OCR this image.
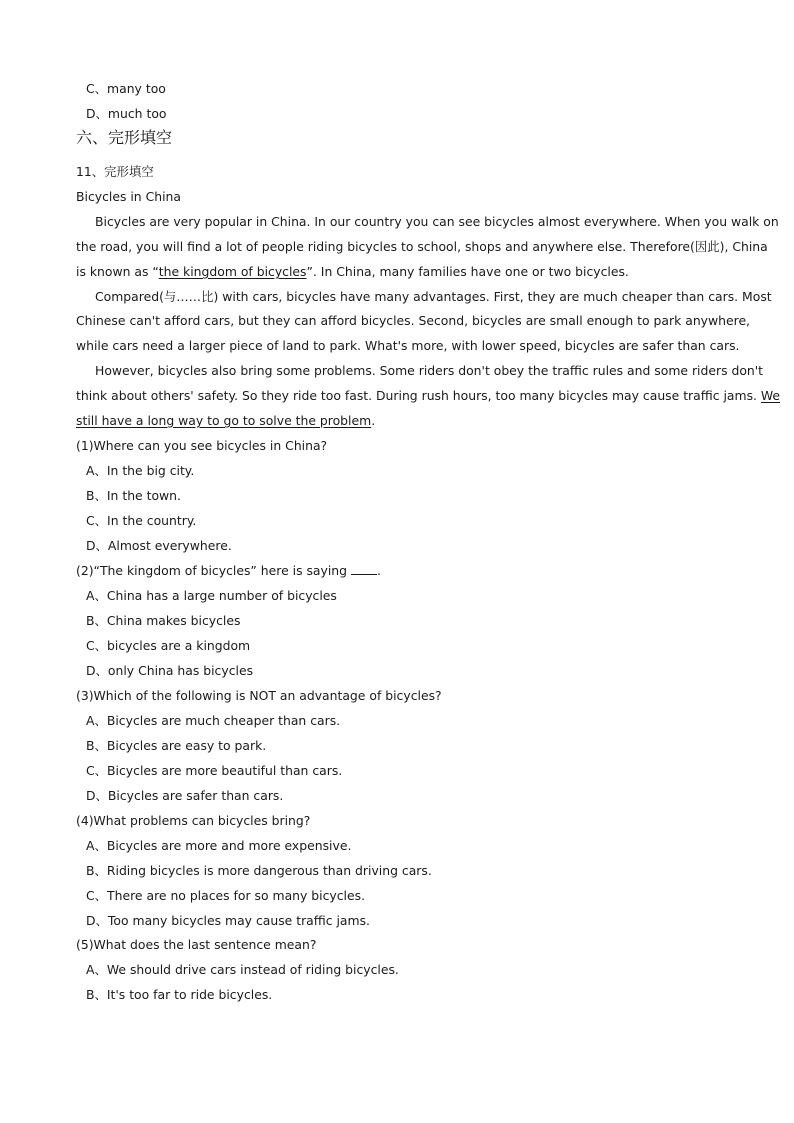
C、many too
D、much too
六、完形填空
11、完形填空
Bicycles in China
Bicycles are very popular in China. In our country you can see bicycles almost everywhere. When you walk on
the road, you will find a lot of people riding bicycles to school, shops and anywhere else. Therefore(因此), China
is known as “the kingdom of bicycles”. In China, many families have one or two bicycles.
Compared(与……比) with cars, bicycles have many advantages. First, they are much cheaper than cars. Most
Chinese can't afford cars, but they can afford bicycles. Second, bicycles are small enough to park anywhere,
while cars need a larger piece of land to park. What's more, with lower speed, bicycles are safer than cars.
However, bicycles also bring some problems. Some riders don't obey the traffic rules and some riders don't
think about others' safety. So they ride too fast. During rush hours, too many bicycles may cause traffic jams. We
still have a long way to go to solve the problem.
(1)Where can you see bicycles in China?
A、In the big city.
B、In the town.
C、In the country.
D、Almost everywhere.
(2)“The kingdom of bicycles” here is saying .
A、China has a large number of bicycles
B、China makes bicycles
C、bicycles are a kingdom
D、only China has bicycles
(3)Which of the following is NOT an advantage of bicycles?
A、Bicycles are much cheaper than cars.
B、Bicycles are easy to park.
C、Bicycles are more beautiful than cars.
D、Bicycles are safer than cars.
(4)What problems can bicycles bring?
A、Bicycles are more and more expensive.
B、Riding bicycles is more dangerous than driving cars.
C、There are no places for so many bicycles.
D、Too many bicycles may cause traffic jams.
(5)What does the last sentence mean?
A、We should drive cars instead of riding bicycles.
B、It's too far to ride bicycles.
